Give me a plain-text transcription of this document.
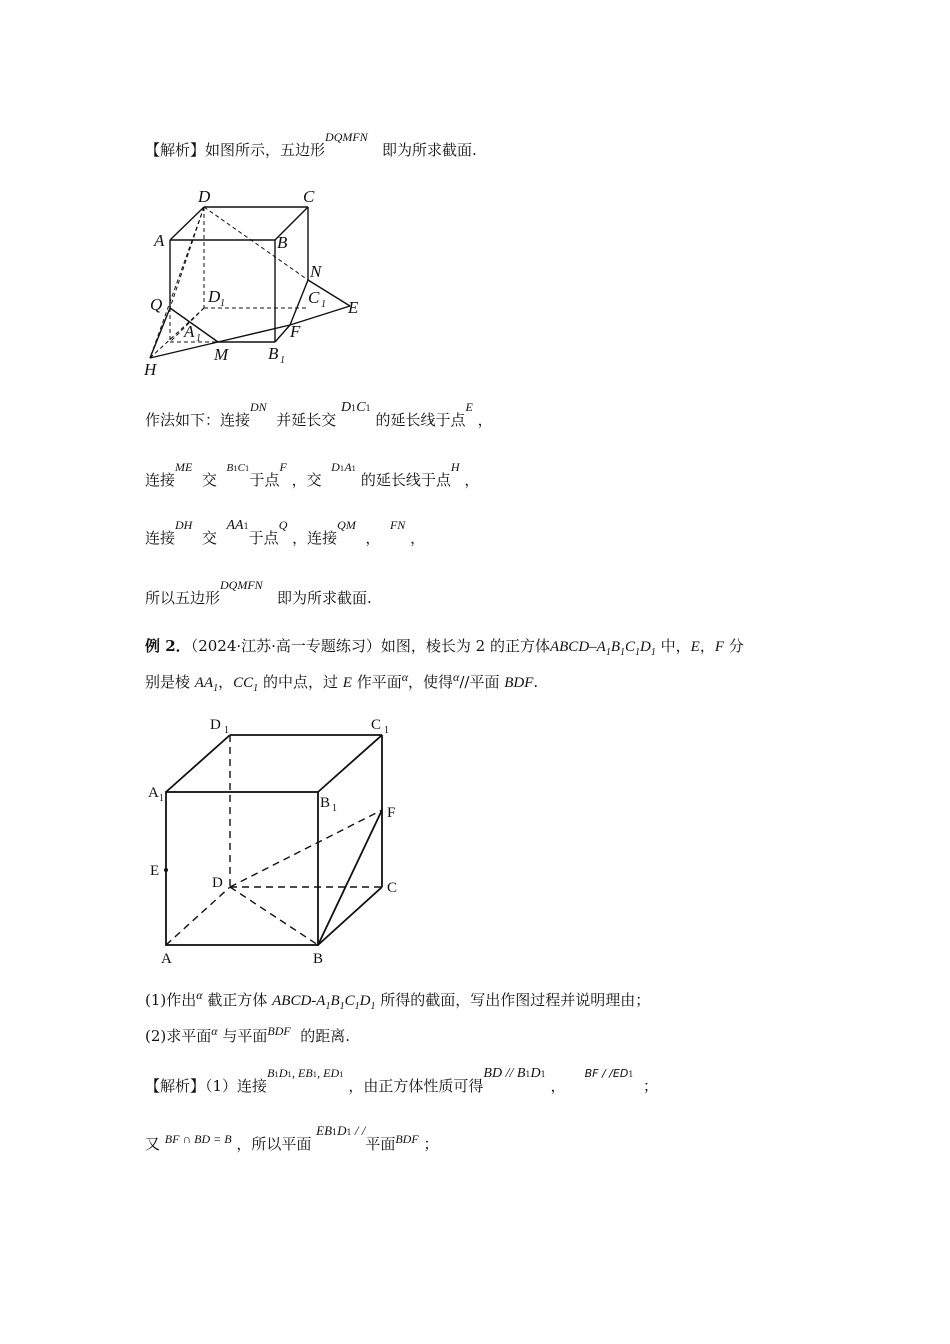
【解析】如图所示，五边形$^{DQMFN}$   即为所求截面.
D	C
A	B
N
Q	D 1	C 1 E
F
A 1
M B 1
H
作法如下：连接$^{DN}$  并延长交 $^{D1C1}$ 的延长线于点$^E$ ，
连接$^{ME}$  交  $^{B1C1}$于点$^F$ ，交  $^{D1A1}$ 的延长线于点$^H$ ，
连接$^{DH}$  交  $^{AA1}$于点$^Q$ ，连接$^{QM}$  ，  $^{FN}$ ，
所以五边形$^{DQMFN}$   即为所求截面.
例 2．（2024·江苏·高一专题练习）如图，棱长为 2 的正方体ABCD–$A_1B_1C_1D_1$ 中，E，F 分
别是棱 $AA_1$，$CC_1$ 的中点，过 E 作平面$^\alpha$，使得$^\alpha$//平面 BDF.
D 1	C 1
A 1	B 1	F
E
D	C
A	B
(1)作出$^\alpha$ 截正方体 ABCD-$A_1B_1C_1D_1$ 所得的截面，写出作图过程并说明理由；
(2)求平面$^\alpha$ 与平面$^{BDF}$ 的距离.
【解析】（1）连接$^{B1D1, EB1, ED1}$ ，由正方体性质可得$^{BD // B1D1}$ ，    $^{BF / /ED1}$  ；
又 $^{BF \cap BD = B}$ ，所以平面 $^{EB1D1 / /}$平面$^{BDF}$ ；
